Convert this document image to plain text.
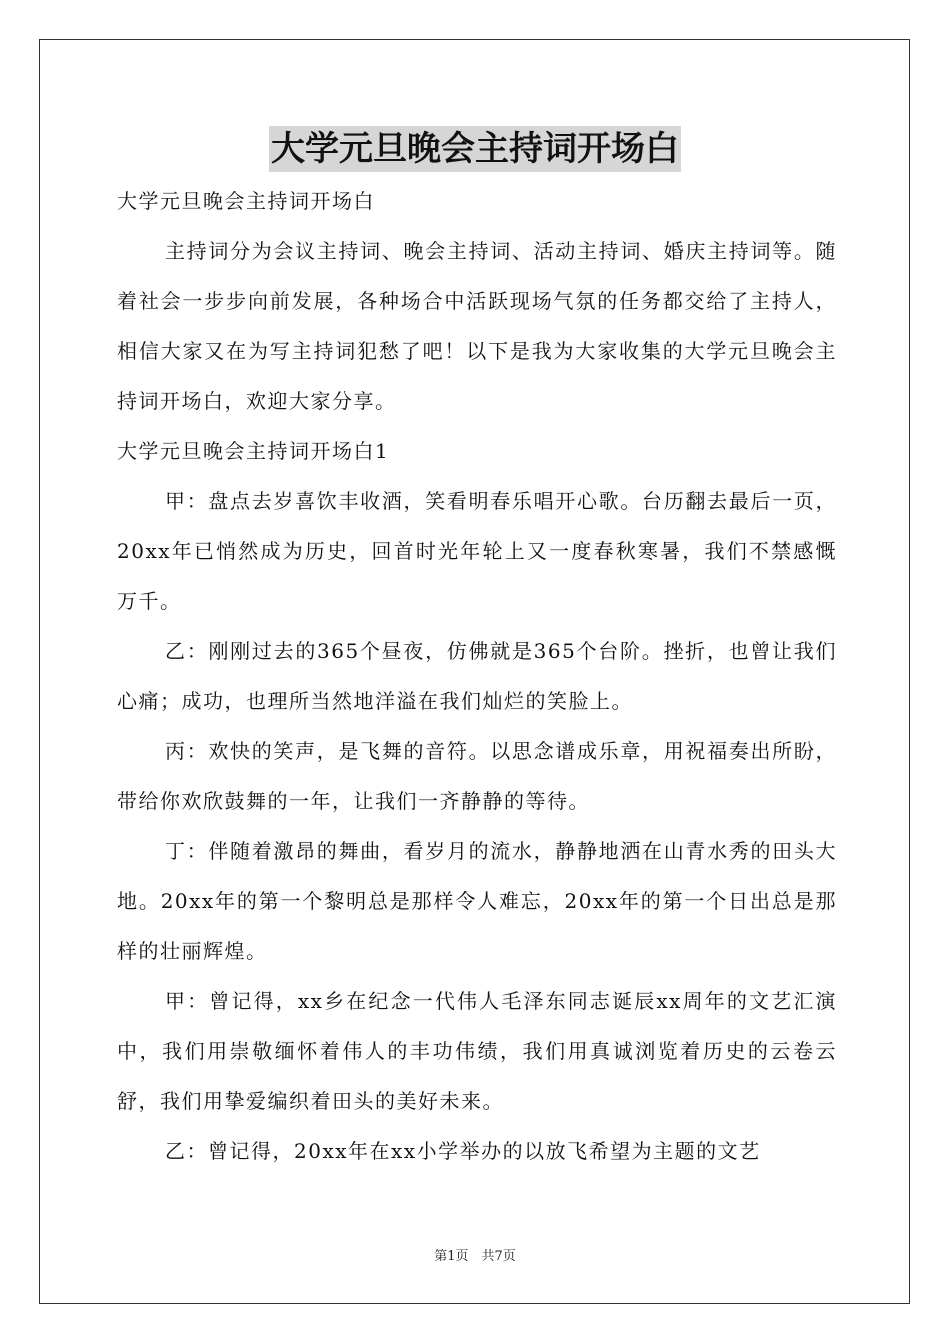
大学元旦晚会主持词开场白

大学元旦晚会主持词开场白

主持词分为会议主持词、晚会主持词、活动主持词、婚庆主持词等。随着社会一步步向前发展，各种场合中活跃现场气氛的任务都交给了主持人，相信大家又在为写主持词犯愁了吧！以下是我为大家收集的大学元旦晚会主持词开场白，欢迎大家分享。

大学元旦晚会主持词开场白1

甲：盘点去岁喜饮丰收酒，笑看明春乐唱开心歌。台历翻去最后一页，20xx年已悄然成为历史，回首时光年轮上又一度春秋寒暑，我们不禁感慨万千。

乙：刚刚过去的365个昼夜，仿佛就是365个台阶。挫折，也曾让我们心痛；成功，也理所当然地洋溢在我们灿烂的笑脸上。

丙：欢快的笑声，是飞舞的音符。以思念谱成乐章，用祝福奏出所盼，带给你欢欣鼓舞的一年，让我们一齐静静的等待。

丁：伴随着激昂的舞曲，看岁月的流水，静静地洒在山青水秀的田头大地。20xx年的第一个黎明总是那样令人难忘，20xx年的第一个日出总是那样的壮丽辉煌。

甲：曾记得，xx乡在纪念一代伟人毛泽东同志诞辰xx周年的文艺汇演中，我们用崇敬缅怀着伟人的丰功伟绩，我们用真诚浏览着历史的云卷云舒，我们用挚爱编织着田头的美好未来。

乙：曾记得，20xx年在xx小学举办的以放飞希望为主题的文艺

第1页　共7页
